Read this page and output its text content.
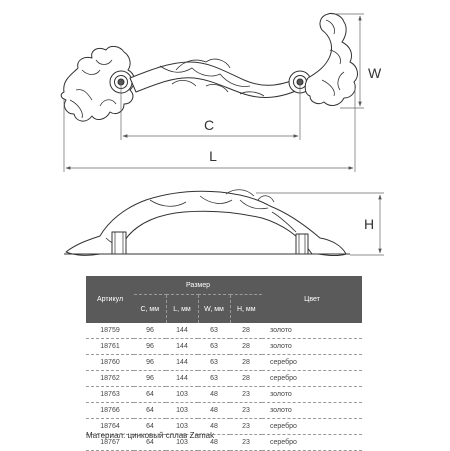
W
C
L
H
Артикул	Размер				Цвет
	C, мм	L, мм	W, мм	H, мм	
18759	96	144	63	28	золото
18761	96	144	63	28	золото
18760	96	144	63	28	серебро
18762	96	144	63	28	серебро
18763	64	103	48	23	золото
18766	64	103	48	23	золото
18764	64	103	48	23	серебро
18767	64	103	48	23	серебро
Материал: цинковый сплав Zamak
